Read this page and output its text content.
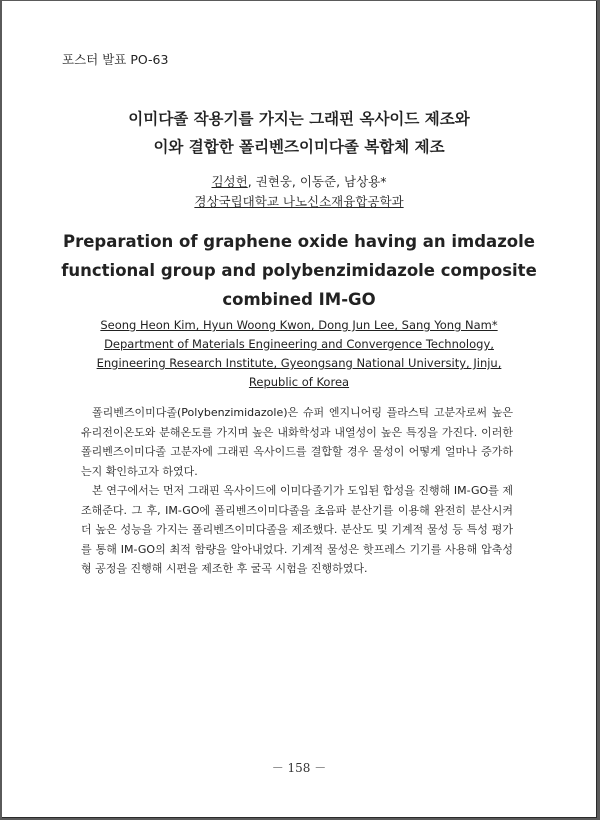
포스터 발표 PO-63
이미다졸 작용기를 가지는 그래핀 옥사이드 제조와
이와 결합한 폴리벤즈이미다졸 복합체 제조
김성헌, 권현웅, 이동준, 남상용*
경상국립대학교 나노신소재융합공학과
Preparation of graphene oxide having an imdazole
functional group and polybenzimidazole composite
combined IM-GO
Seong Heon Kim, Hyun Woong Kwon, Dong Jun Lee, Sang Yong Nam*
Department of Materials Engineering and Convergence Technology,
Engineering Research Institute, Gyeongsang National University, Jinju,
Republic of Korea

폴리벤즈이미다졸(Polybenzimidazole)은 슈퍼 엔지니어링 플라스틱 고분자로써 높은 유리전이온도와 분해온도를 가지며 높은 내화학성과 내열성이 높은 특징을 가진다. 이러한 폴리벤즈이미다졸 고분자에 그래핀 옥사이드를 결합할 경우 물성이 어떻게 얼마나 증가하는지 확인하고자 하였다.

본 연구에서는 먼저 그래핀 옥사이드에 이미다졸기가 도입된 합성을 진행해 IM-GO를 제조해준다. 그 후, IM-GO에 폴리벤즈이미다졸을 초음파 분산기를 이용해 완전히 분산시켜 더 높은 성능을 가지는 폴리벤즈이미다졸을 제조했다. 분산도 및 기계적 물성 등 특성 평가를 통해 IM-GO의 최적 함량을 알아내었다. 기계적 물성은 핫프레스 기기를 사용해 압축성형 공정을 진행해 시편을 제조한 후 굴곡 시험을 진행하였다.

－ 158 －
